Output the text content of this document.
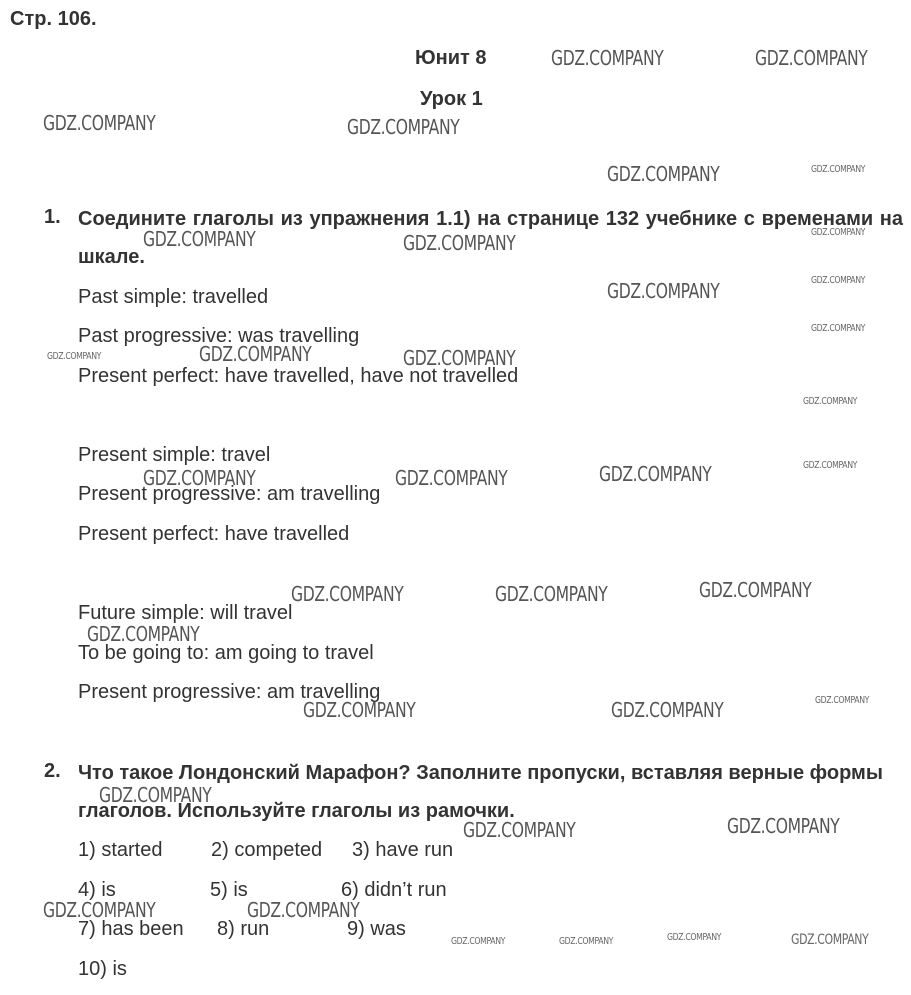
Стр. 106.
Юнит 8
Урок 1
1. Соедините глаголы из упражнения 1.1) на странице 132 учебнике с временами на шкале.
Past simple: travelled
Past progressive: was travelling
Present perfect: have travelled, have not travelled
Present simple: travel
Present progressive: am travelling
Present perfect: have travelled
Future simple: will travel
To be going to: am going to travel
Present progressive: am travelling
2. Что такое Лондонский Марафон? Заполните пропуски, вставляя верные формы глаголов. Используйте глаголы из рамочки.
1) started 2) competed 3) have run
4) is	5) is	6) didn’t run
7) has been 8) run	9) was
10) is
GDZ.COMPANY	GDZ.COMPANY
GDZ.COMPANY	GDZ.COMPANY
GDZ.COMPANY
GDZ.COMPANY	GDZ.COMPANY
GDZ.COMPANY
GDZ.COMPANY	GDZ.COMPANY
GDZ.COMPANY	GDZ.COMPANY	GDZ.COMPANY
GDZ.COMPANY	GDZ.COMPANY	GDZ.COMPANY
GDZ.COMPANY
GDZ.COMPANY	GDZ.COMPANY
GDZ.COMPANY
GDZ.COMPANY	GDZ.COMPANY
GDZ.COMPANY	GDZ.COMPANY
GDZ.COMPANY
GDZ.COMPANY
GDZ.COMPANY
GDZ.COMPANY
GDZ.COMPANY
GDZ.COMPANY
GDZ.COMPANY
GDZ.COMPANY
GDZ.COMPANY	GDZ.COMPANY	GDZ.COMPANY	GDZ.COMPANY
